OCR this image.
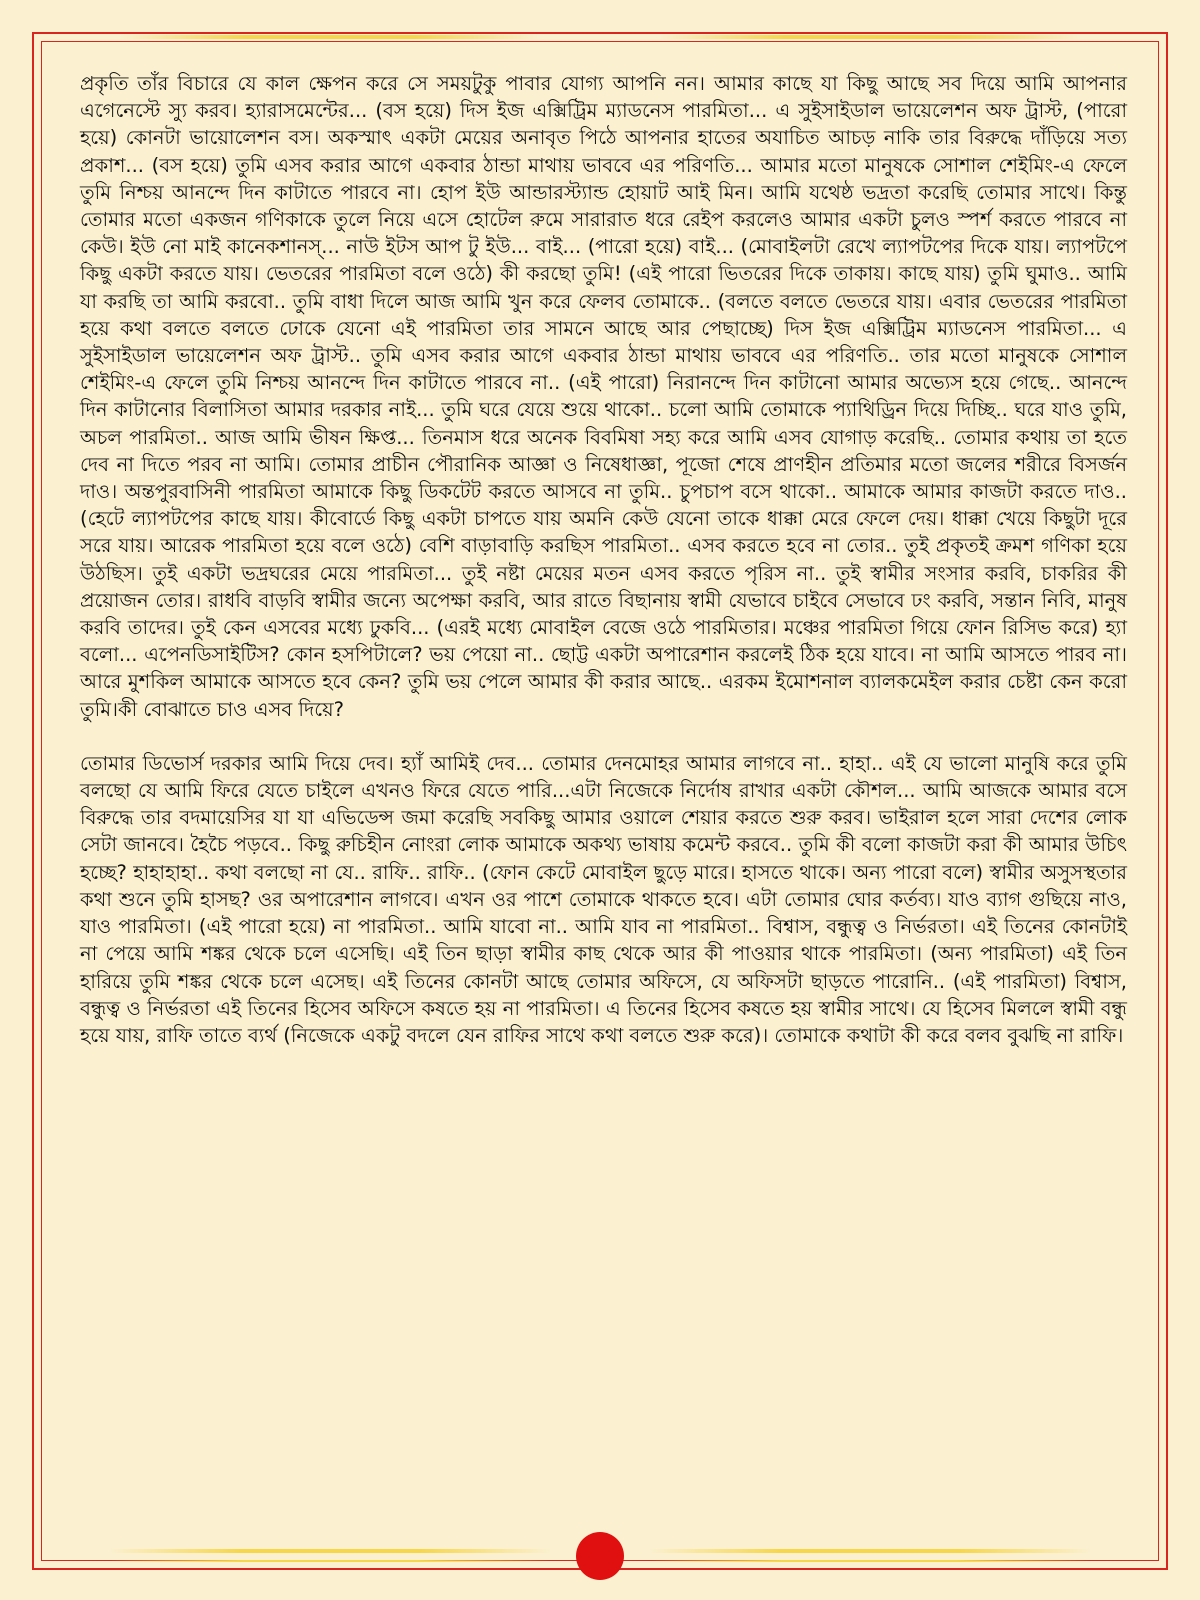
প্রকৃতি তাঁর বিচারে যে কাল ক্ষেপন করে সে সময়টুকু পাবার যোগ্য আপনি নন। আমার কাছে যা কিছু আছে সব দিয়ে আমি আপনার এগেনেস্টে স্যু করব। হ্যারাসমেন্টের... (বস হয়ে) দিস ইজ এক্সিট্রিম ম্যাডনেস পারমিতা... এ সুইসাইডাল ভায়েলেশন অফ ট্রাস্ট, (পারো হয়ে) কোনটা ভায়োলেশন বস। অকস্মাৎ একটা মেয়ের অনাবৃত পিঠে আপনার হাতের অযাচিত আচড় নাকি তার বিরুদ্ধে দাঁড়িয়ে সত্য প্রকাশ... (বস হয়ে) তুমি এসব করার আগে একবার ঠান্ডা মাথায় ভাববে এর পরিণতি... আমার মতো মানুষকে সোশাল শেইমিং-এ ফেলে তুমি নিশ্চয় আনন্দে দিন কাটাতে পারবে না। হোপ ইউ আন্ডারস্ট্যান্ড হোয়াট আই মিন। আমি যথেষ্ঠ ভদ্রতা করেছি তোমার সাথে। কিন্তু তোমার মতো একজন গণিকাকে তুলে নিয়ে এসে হোটেল রুমে সারারাত ধরে রেইপ করলেও আমার একটা চুলও স্পর্শ করতে পারবে না কেউ। ইউ নো মাই কানেকশানস্... নাউ ইটস আপ টু ইউ... বাই... (পারো হয়ে) বাই... (মোবাইলটা রেখে ল্যাপটপের দিকে যায়। ল্যাপটপে কিছু একটা করতে যায়। ভেতরের পারমিতা বলে ওঠে) কী করছো তুমি! (এই পারো ভিতরের দিকে তাকায়। কাছে যায়) তুমি ঘুমাও.. আমি যা করছি তা আমি করবো.. তুমি বাধা দিলে আজ আমি খুন করে ফেলব তোমাকে.. (বলতে বলতে ভেতরে যায়। এবার ভেতরের পারমিতা হয়ে কথা বলতে বলতে ঢোকে যেনো এই পারমিতা তার সামনে আছে আর পেছাচ্ছে) দিস ইজ এক্সিট্রিম ম্যাডনেস পারমিতা... এ সুইসাইডাল ভায়েলেশন অফ ট্রাস্ট.. তুমি এসব করার আগে একবার ঠান্ডা মাথায় ভাববে এর পরিণতি.. তার মতো মানুষকে সোশাল শেইমিং-এ ফেলে তুমি নিশ্চয় আনন্দে দিন কাটাতে পারবে না.. (এই পারো) নিরানন্দে দিন কাটানো আমার অভ্যেস হয়ে গেছে.. আনন্দে দিন কাটানোর বিলাসিতা আমার দরকার নাই... তুমি ঘরে যেয়ে শুয়ে থাকো.. চলো আমি তোমাকে প্যাথিড্রিন দিয়ে দিচ্ছি.. ঘরে যাও তুমি, অচল পারমিতা.. আজ আমি ভীষন ক্ষিপ্ত... তিনমাস ধরে অনেক বিবমিষা সহ্য করে আমি এসব যোগাড় করেছি.. তোমার কথায় তা হতে দেব না দিতে পরব না আমি। তোমার প্রাচীন পৌরানিক আজ্ঞা ও নিষেধাজ্ঞা, পূজো শেষে প্রাণহীন প্রতিমার মতো জলের শরীরে বিসর্জন দাও। অন্তপুরবাসিনী পারমিতা আমাকে কিছু ডিকটেট করতে আসবে না তুমি.. চুপচাপ বসে থাকো.. আমাকে আমার কাজটা করতে দাও.. (হেটে ল্যাপটপের কাছে যায়। কীবোর্ডে কিছু একটা চাপতে যায় অমনি কেউ যেনো তাকে ধাক্কা মেরে ফেলে দেয়। ধাক্কা খেয়ে কিছুটা দূরে সরে যায়। আরেক পারমিতা হয়ে বলে ওঠে) বেশি বাড়াবাড়ি করছিস পারমিতা.. এসব করতে হবে না তোর.. তুই প্রকৃতই ক্রমশ গণিকা হয়ে উঠছিস। তুই একটা ভদ্রঘরের মেয়ে পারমিতা... তুই নষ্টা মেয়ের মতন এসব করতে পৃরিস না.. তুই স্বামীর সংসার করবি, চাকরির কী প্রয়োজন তোর। রাধবি বাড়বি স্বামীর জন্যে অপেক্ষা করবি, আর রাতে বিছানায় স্বামী যেভাবে চাইবে সেভাবে ঢং করবি, সন্তান নিবি, মানুষ করবি তাদের। তুই কেন এসবের মধ্যে ঢুকবি... (এরই মধ্যে মোবাইল বেজে ওঠে পারমিতার। মঞ্চের পারমিতা গিয়ে ফোন রিসিভ করে) হ্যা বলো... এপেনডিসাইটিস? কোন হসপিটালে? ভয় পেয়ো না.. ছোট্ট একটা অপারেশান করলেই ঠিক হয়ে যাবে। না আমি আসতে পারব না। আরে মুশকিল আমাকে আসতে হবে কেন? তুমি ভয় পেলে আমার কী করার আছে.. এরকম ইমোশনাল ব্যালকমেইল করার চেষ্টা কেন করো তুমি।কী বোঝাতে চাও এসব দিয়ে?

তোমার ডিভোর্স দরকার আমি দিয়ে দেব। হ্যাঁ আমিই দেব... তোমার দেনমোহর আমার লাগবে না.. হাহা.. এই যে ভালো মানুষি করে তুমি বলছো যে আমি ফিরে যেতে চাইলে এখনও ফিরে যেতে পারি...এটা নিজেকে নির্দোষ রাখার একটা কৌশল... আমি আজকে আমার বসে বিরুদ্ধে তার বদমায়েসির যা যা এভিডেন্স জমা করেছি সবকিছু আমার ওয়ালে শেয়ার করতে শুরু করব। ভাইরাল হলে সারা দেশের লোক সেটা জানবে। হৈচৈ পড়বে.. কিছু রুচিহীন নোংরা লোক আমাকে অকথ্য ভাষায় কমেন্ট করবে.. তুমি কী বলো কাজটা করা কী আমার উচিৎ হচ্ছে? হাহাহাহা.. কথা বলছো না যে.. রাফি.. রাফি.. (ফোন কেটে মোবাইল ছুড়ে মারে। হাসতে থাকে। অন্য পারো বলে) স্বামীর অসুসস্থতার কথা শুনে তুমি হাসছ? ওর অপারেশান লাগবে। এখন ওর পাশে তোমাকে থাকতে হবে। এটা তোমার ঘোর কর্তব্য। যাও ব্যাগ গুছিয়ে নাও, যাও পারমিতা। (এই পারো হয়ে) না পারমিতা.. আমি যাবো না.. আমি যাব না পারমিতা.. বিশ্বাস, বন্ধুত্ব ও নির্ভরতা। এই তিনের কোনটাই না পেয়ে আমি শঙ্কর থেকে চলে এসেছি। এই তিন ছাড়া স্বামীর কাছ থেকে আর কী পাওয়ার থাকে পারমিতা। (অন্য পারমিতা) এই তিন হারিয়ে তুমি শঙ্কর থেকে চলে এসেছ। এই তিনের কোনটা আছে তোমার অফিসে, যে অফিসটা ছাড়তে পারোনি.. (এই পারমিতা) বিশ্বাস, বন্ধুত্ব ও নির্ভরতা এই তিনের হিসেব অফিসে কষতে হয় না পারমিতা। এ তিনের হিসেব কষতে হয় স্বামীর সাথে। যে হিসেব মিললে স্বামী বন্ধু হয়ে যায়, রাফি তাতে ব্যর্থ (নিজেকে একটু বদলে যেন রাফির সাথে কথা বলতে শুরু করে)। তোমাকে কথাটা কী করে বলব বুঝছি না রাফি।
